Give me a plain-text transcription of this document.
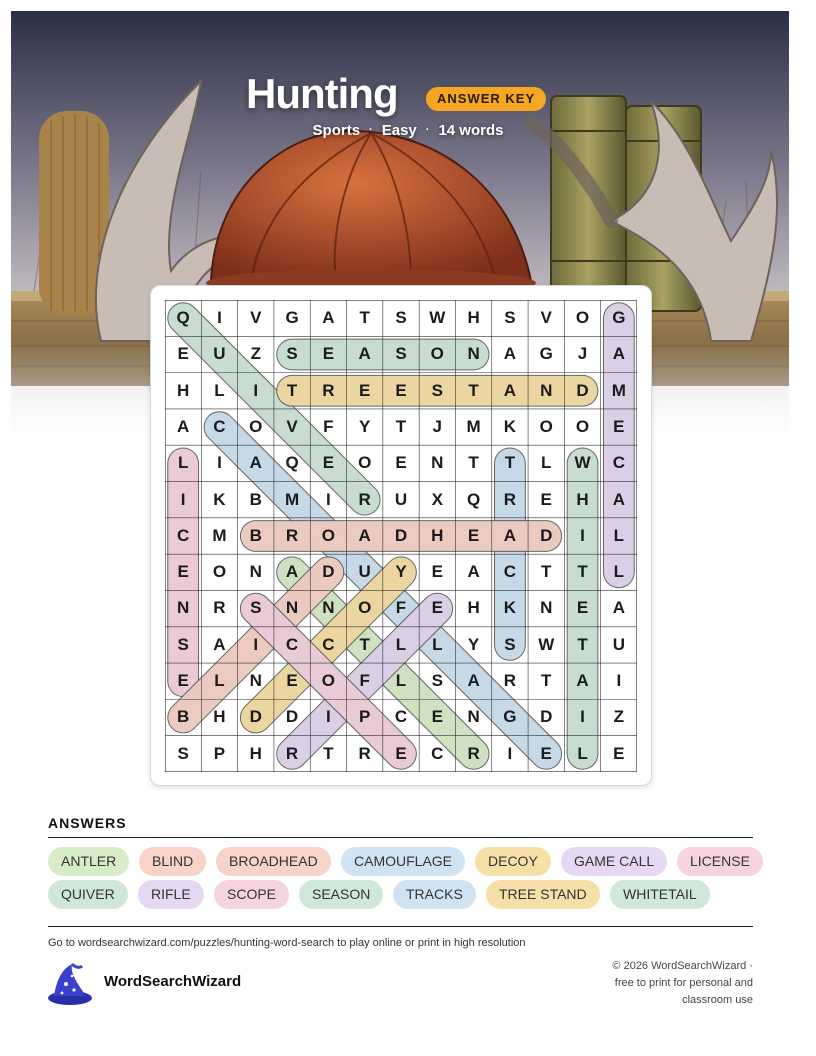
Hunting	ANSWER KEY
Sports · Easy · 14 words
Q	I	V	G	A	T	S	W	H	S	V	O	G
E	U	Z	S	E	A	S	O	N	A	G	J	A
H	L	I	T	R	E	E	S	T	A	N	D	M
A	C	O	V	F	Y	T	J	M	K	O	O	E
L	I	A	Q	E	O	E	N	T	T	L	W	C
I	K	B	M	I	R	U	X	Q	R	E	H	A
C	M	B	R	O	A	D	H	E	A	D	I	L
E	O	N	A	D	U	Y	E	A	C	T	T	L
N	R	S	N	N	O	F	E	H	K	N	E	A
S	A	I	C	C	T	L	L	Y	S	W	T	U
E	L	N	E	O	F	L	S	A	R	T	A	I
B	H	D	D	I	P	C	E	N	G	D	I	Z
S	P	H	R	T	R	E	C	R	I	E	L	E
ANSWERS
ANTLER	BLIND	BROADHEAD	CAMOUFLAGE	DECOY	GAME CALL	LICENSE
QUIVER	RIFLE	SCOPE	SEASON	TRACKS	TREE STAND	WHITETAIL
Go to wordsearchwizard.com/puzzles/hunting-word-search to play online or print in high resolution
WordSearchWizard
© 2026 WordSearchWizard ·
free to print for personal and
classroom use
